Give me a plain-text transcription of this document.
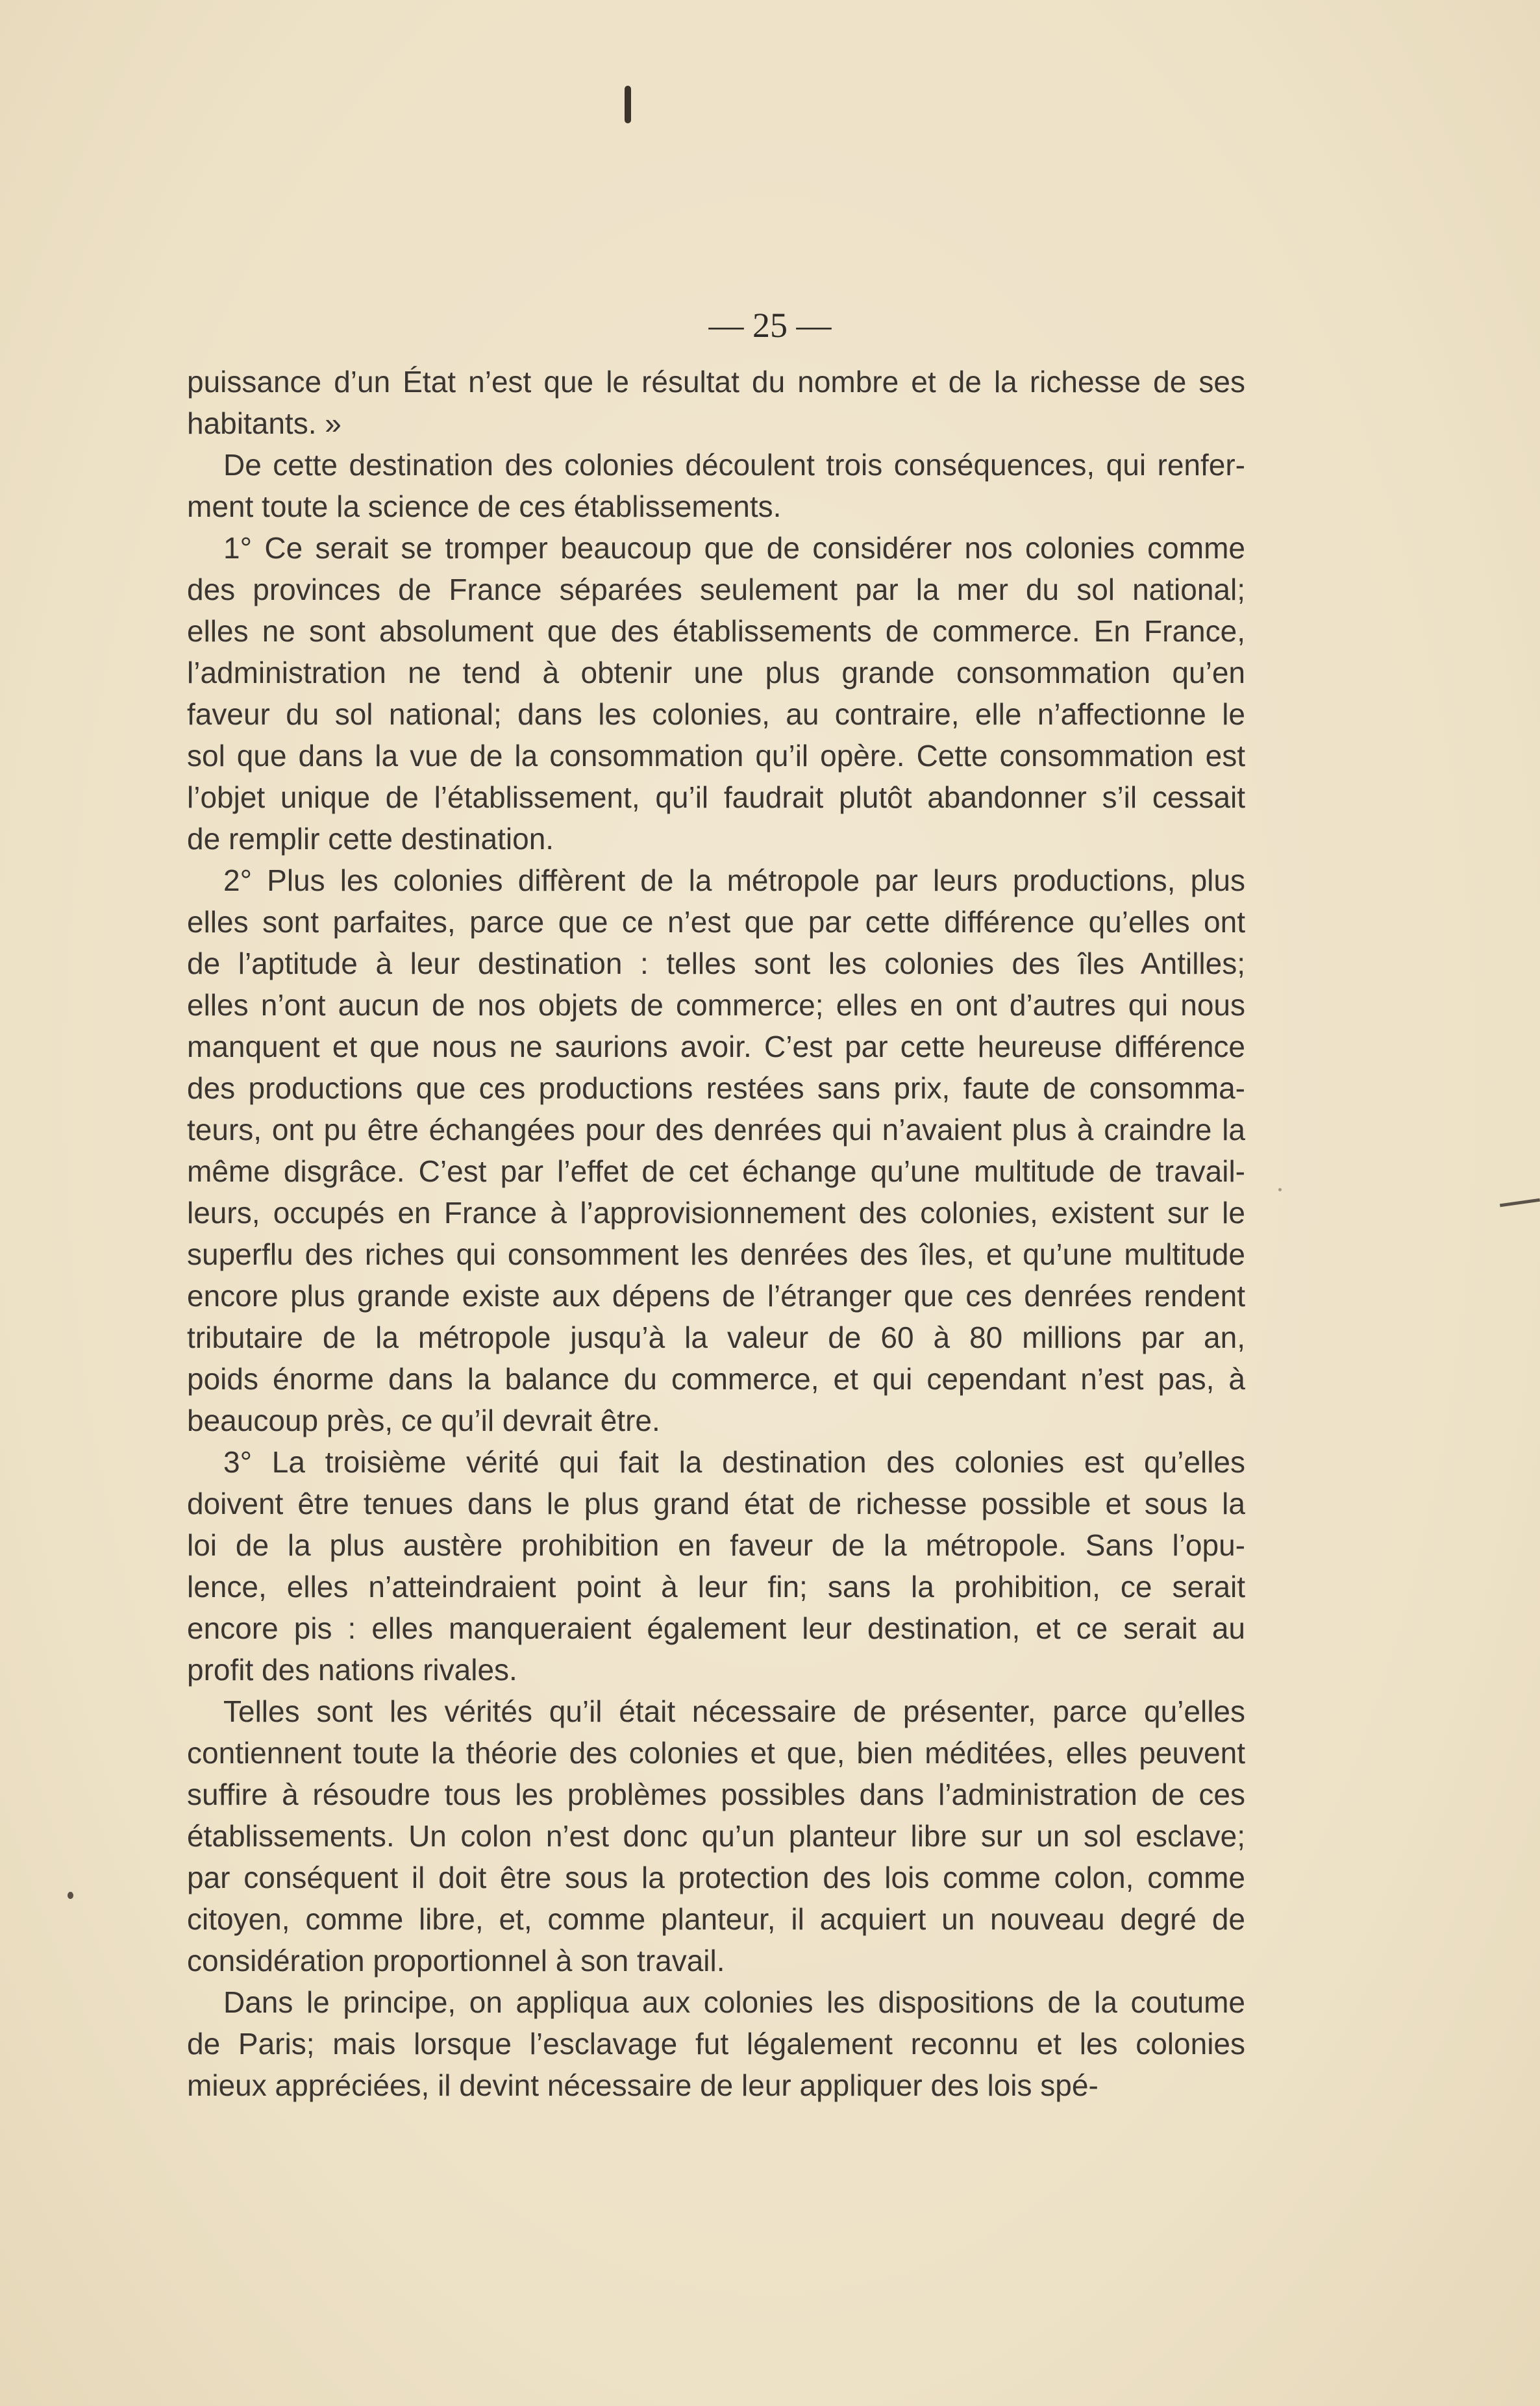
— 25 —
puissance d’un État n’est que le résultat du nombre et de la richesse de ses
habitants. »
De cette destination des colonies découlent trois conséquences, qui renfer-
ment toute la science de ces établissements.
1° Ce serait se tromper beaucoup que de considérer nos colonies comme
des provinces de France séparées seulement par la mer du sol national;
elles ne sont absolument que des établissements de commerce. En France,
l’administration ne tend à obtenir une plus grande consommation qu’en
faveur du sol national; dans les colonies, au contraire, elle n’affectionne le
sol que dans la vue de la consommation qu’il opère. Cette consommation est
l’objet unique de l’établissement, qu’il faudrait plutôt abandonner s’il cessait
de remplir cette destination.
2° Plus les colonies diffèrent de la métropole par leurs productions, plus
elles sont parfaites, parce que ce n’est que par cette différence qu’elles ont
de l’aptitude à leur destination : telles sont les colonies des îles Antilles;
elles n’ont aucun de nos objets de commerce; elles en ont d’autres qui nous
manquent et que nous ne saurions avoir. C’est par cette heureuse différence
des productions que ces productions restées sans prix, faute de consomma-
teurs, ont pu être échangées pour des denrées qui n’avaient plus à craindre la
même disgrâce. C’est par l’effet de cet échange qu’une multitude de travail-
leurs, occupés en France à l’approvisionnement des colonies, existent sur le
superflu des riches qui consomment les denrées des îles, et qu’une multitude
encore plus grande existe aux dépens de l’étranger que ces denrées rendent
tributaire de la métropole jusqu’à la valeur de 60 à 80 millions par an,
poids énorme dans la balance du commerce, et qui cependant n’est pas, à
beaucoup près, ce qu’il devrait être.
3° La troisième vérité qui fait la destination des colonies est qu’elles
doivent être tenues dans le plus grand état de richesse possible et sous la
loi de la plus austère prohibition en faveur de la métropole. Sans l’opu-
lence, elles n’atteindraient point à leur fin; sans la prohibition, ce serait
encore pis : elles manqueraient également leur destination, et ce serait au
profit des nations rivales.
Telles sont les vérités qu’il était nécessaire de présenter, parce qu’elles
contiennent toute la théorie des colonies et que, bien méditées, elles peuvent
suffire à résoudre tous les problèmes possibles dans l’administration de ces
établissements. Un colon n’est donc qu’un planteur libre sur un sol esclave;
par conséquent il doit être sous la protection des lois comme colon, comme
citoyen, comme libre, et, comme planteur, il acquiert un nouveau degré de
considération proportionnel à son travail.
Dans le principe, on appliqua aux colonies les dispositions de la coutume
de Paris; mais lorsque l’esclavage fut légalement reconnu et les colonies
mieux appréciées, il devint nécessaire de leur appliquer des lois spé-
